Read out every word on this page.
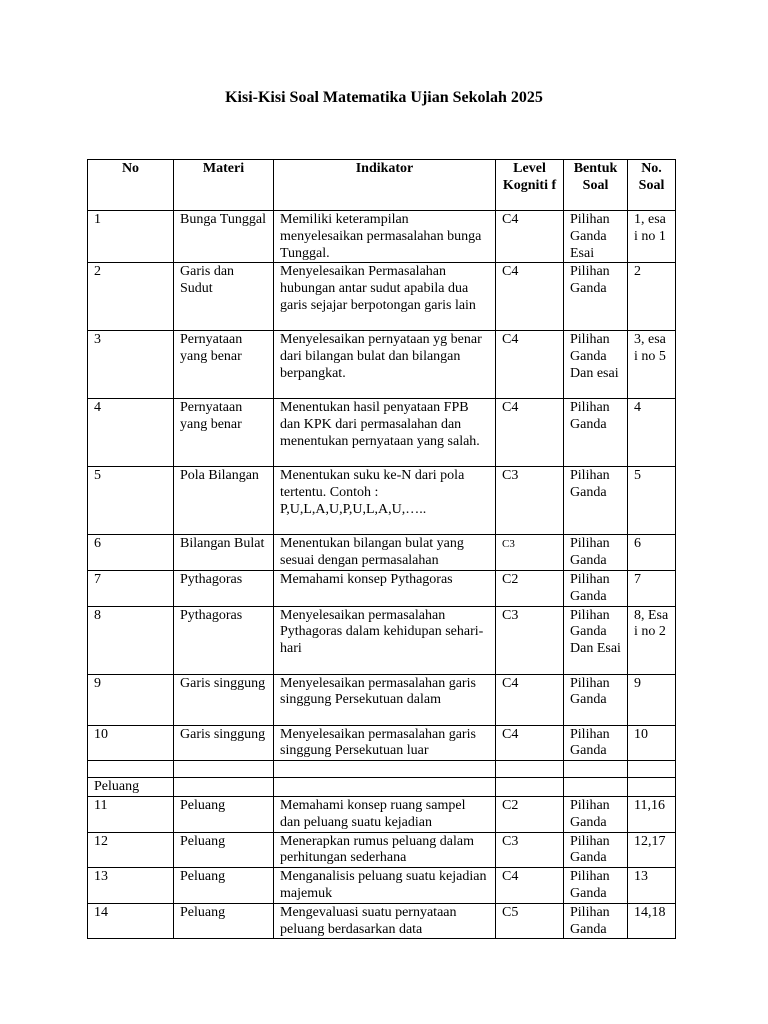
Kisi-Kisi Soal Matematika Ujian Sekolah 2025
No	Materi	Indikator	Level Kogniti f	Bentuk Soal	No. Soal
1	Bunga Tunggal	Memiliki keterampilan menyelesaikan permasalahan bunga Tunggal.	C4	Pilihan Ganda Esai	1, esai no 1
2	Garis dan Sudut	Menyelesaikan Permasalahan hubungan antar sudut apabila dua garis sejajar berpotongan garis lain	C4	Pilihan Ganda	2
3	Pernyataan yang benar	Menyelesaikan pernyataan yg benar dari bilangan bulat dan bilangan berpangkat.	C4	Pilihan Ganda Dan esai	3, esai no 5
4	Pernyataan yang benar	Menentukan hasil penyataan FPB dan KPK dari permasalahan dan menentukan pernyataan yang salah.	C4	Pilihan Ganda	4
5	Pola Bilangan	Menentukan suku ke-N dari pola tertentu. Contoh : P,U,L,A,U,P,U,L,A,U,…..	C3	Pilihan Ganda	5
6	Bilangan Bulat	Menentukan bilangan bulat yang sesuai dengan permasalahan	C3	Pilihan Ganda	6
7	Pythagoras	Memahami konsep Pythagoras	C2	Pilihan Ganda	7
8	Pythagoras	Menyelesaikan permasalahan Pythagoras dalam kehidupan sehari-hari	C3	Pilihan Ganda Dan Esai	8, Esai no 2
9	Garis singgung	Menyelesaikan permasalahan garis singgung Persekutuan dalam	C4	Pilihan Ganda	9
10	Garis singgung	Menyelesaikan permasalahan garis singgung Persekutuan luar	C4	Pilihan Ganda	10

Peluang					
11	Peluang	Memahami konsep ruang sampel dan peluang suatu kejadian	C2	Pilihan Ganda	11,16
12	Peluang	Menerapkan rumus peluang dalam perhitungan sederhana	C3	Pilihan Ganda	12,17
13	Peluang	Menganalisis peluang suatu kejadian majemuk	C4	Pilihan Ganda	13
14	Peluang	Mengevaluasi suatu pernyataan peluang berdasarkan data	C5	Pilihan Ganda	14,18
